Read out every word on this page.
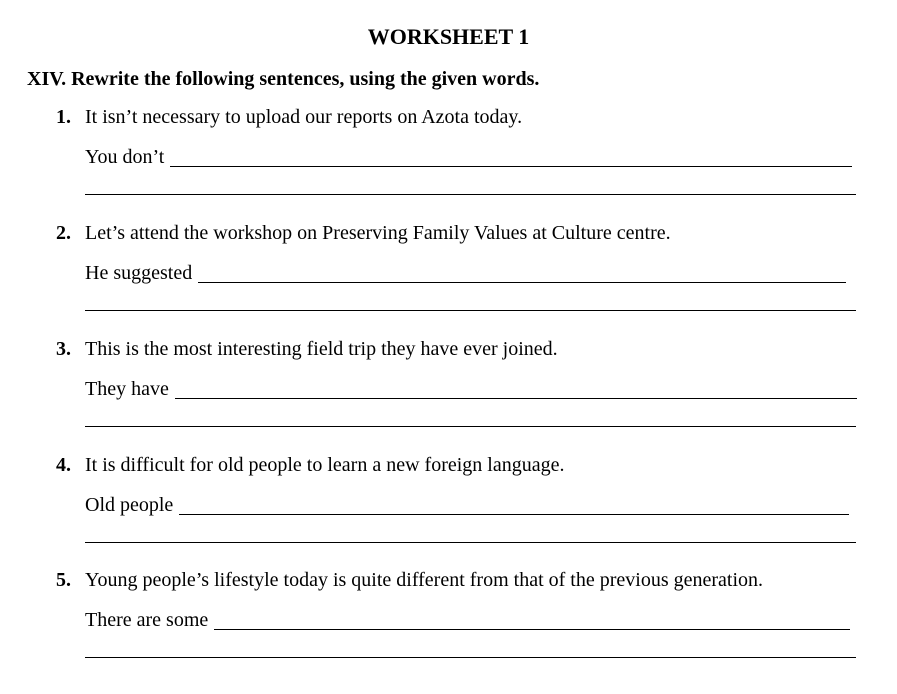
WORKSHEET 1
XIV. Rewrite the following sentences, using the given words.
1. It isn’t necessary to upload our reports on Azota today.
You don’t
2. Let’s attend the workshop on Preserving Family Values at Culture centre.
He suggested
3. This is the most interesting field trip they have ever joined.
They have
4. It is difficult for old people to learn a new foreign language.
Old people
5. Young people’s lifestyle today is quite different from that of the previous generation.
There are some
